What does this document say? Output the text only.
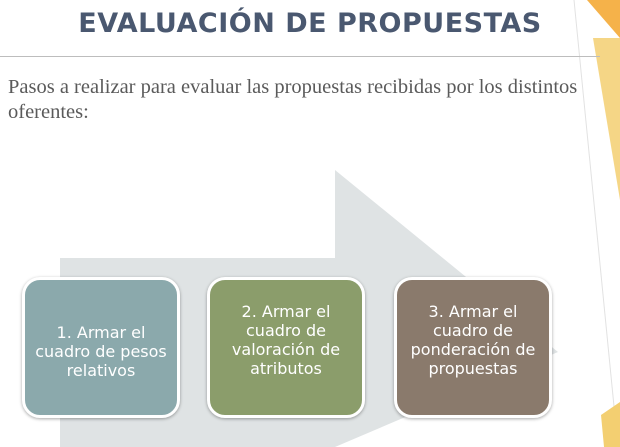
EVALUACIÓN DE PROPUESTAS
Pasos a realizar para evaluar las propuestas recibidas por los distintos oferentes:
1. Armar el
cuadro de pesos
relativos
2. Armar el
cuadro de
valoración de
atributos
3. Armar el
cuadro de
ponderación de
propuestas
